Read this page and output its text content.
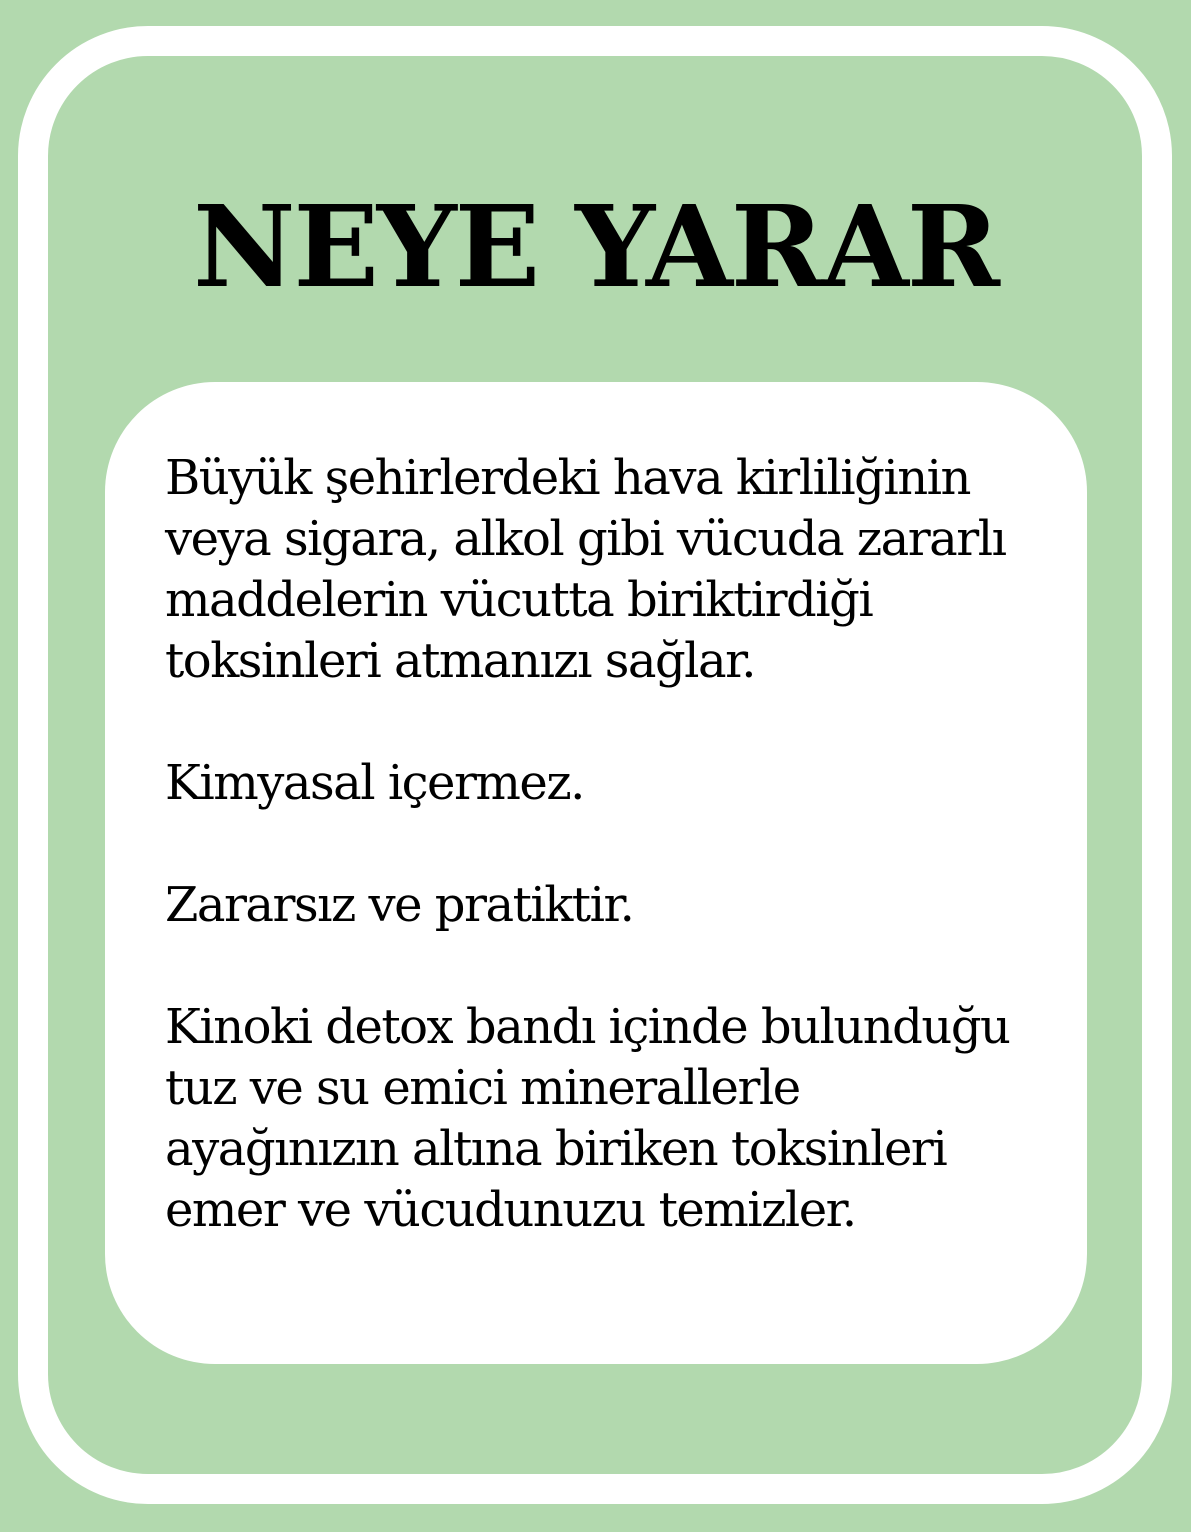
NEYE YARAR

Büyük şehirlerdeki hava kirliliğinin
veya sigara, alkol gibi vücuda zararlı
maddelerin vücutta biriktirdiği
toksinleri atmanızı sağlar.

Kimyasal içermez.

Zararsız ve pratiktir.

Kinoki detox bandı içinde bulunduğu
tuz ve su emici minerallerle
ayağınızın altına biriken toksinleri
emer ve vücudunuzu temizler.
